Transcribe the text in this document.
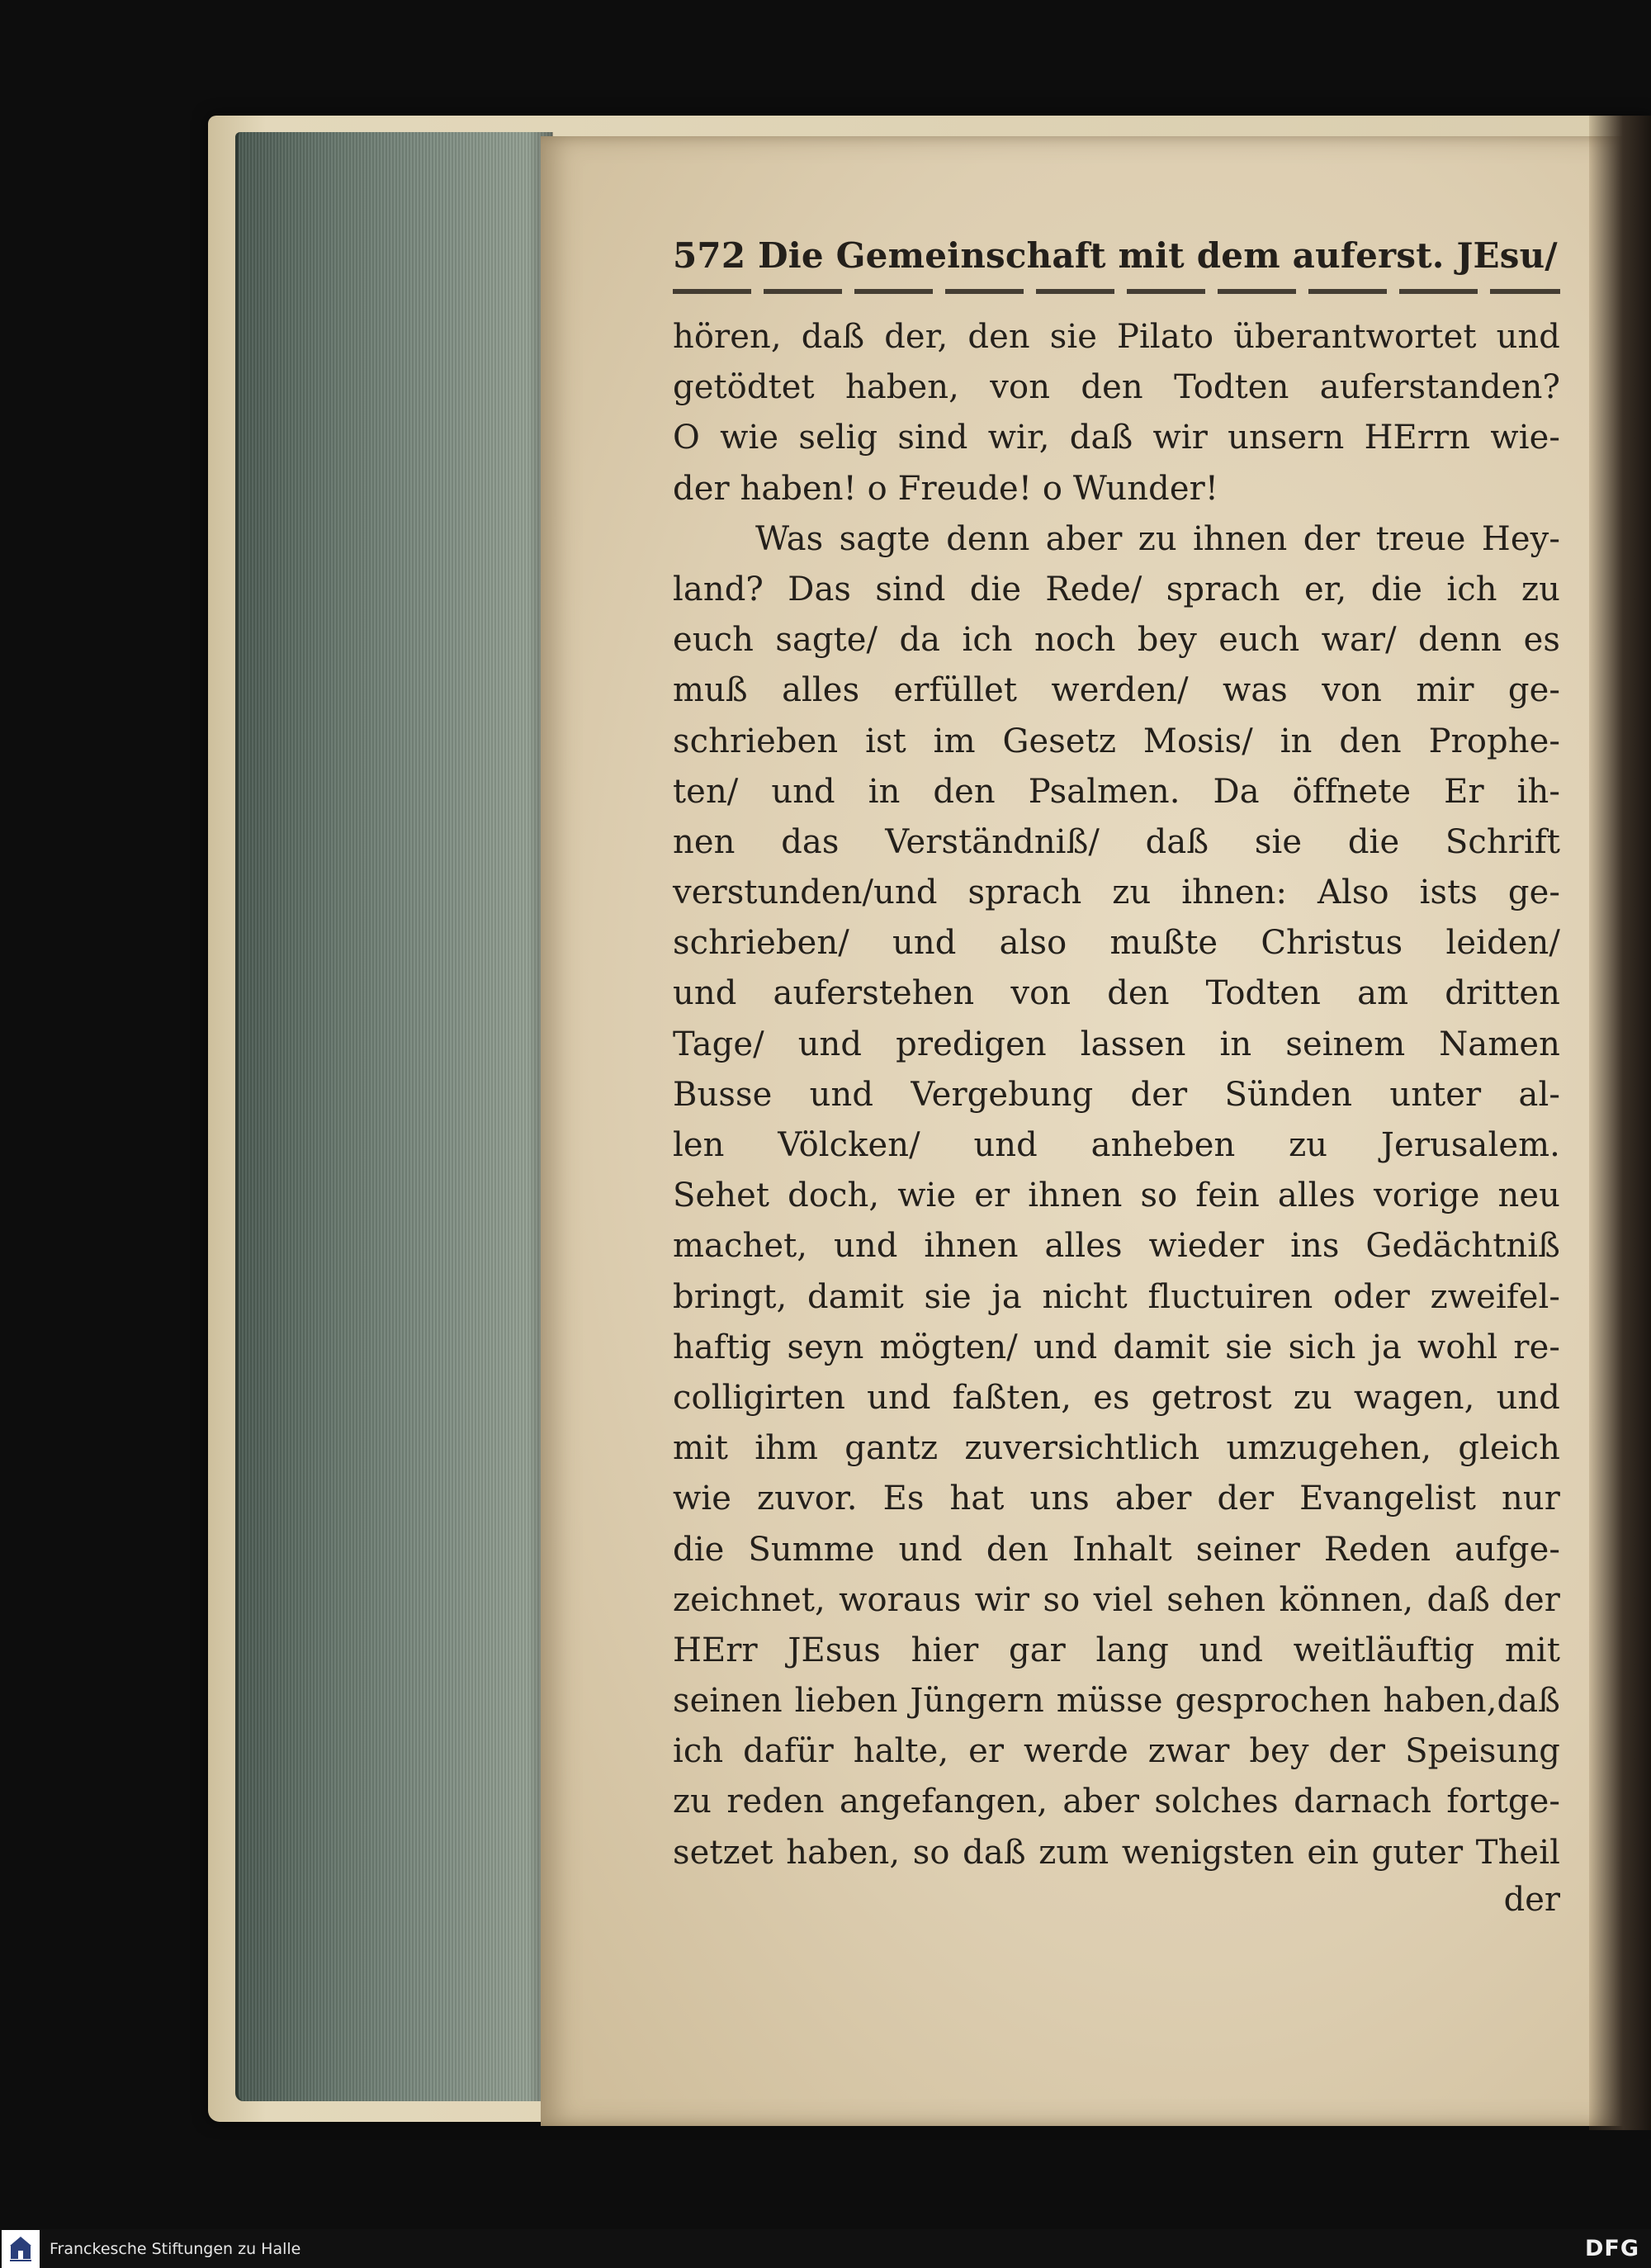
572 Die Gemeinschaft mit dem auferst. JEsu/
hören, daß der, den sie Pilato überantwortet und
getödtet haben, von den Todten auferstanden?
O wie selig sind wir, daß wir unsern HErrn wie-
der haben! o Freude! o Wunder!
Was sagte denn aber zu ihnen der treue Hey-
land? Das sind die Rede/ sprach er, die ich zu
euch sagte/ da ich noch bey euch war/ denn es
muß alles erfüllet werden/ was von mir ge-
schrieben ist im Gesetz Mosis/ in den Prophe-
ten/ und in den Psalmen. Da öffnete Er ih-
nen das Verständniß/ daß sie die Schrift
verstunden/und sprach zu ihnen: Also ists ge-
schrieben/ und also mußte Christus leiden/
und auferstehen von den Todten am dritten
Tage/ und predigen lassen in seinem Namen
Busse und Vergebung der Sünden unter al-
len Völcken/ und anheben zu Jerusalem.
Sehet doch, wie er ihnen so fein alles vorige neu
machet, und ihnen alles wieder ins Gedächtniß
bringt, damit sie ja nicht fluctuiren oder zweifel-
haftig seyn mögten/ und damit sie sich ja wohl re-
colligirten und faßten, es getrost zu wagen, und
mit ihm gantz zuversichtlich umzugehen, gleich
wie zuvor. Es hat uns aber der Evangelist nur
die Summe und den Inhalt seiner Reden aufge-
zeichnet, woraus wir so viel sehen können, daß der
HErr JEsus hier gar lang und weitläuftig mit
seinen lieben Jüngern müsse gesprochen haben,daß
ich dafür halte, er werde zwar bey der Speisung
zu reden angefangen, aber solches darnach fortge-
setzet haben, so daß zum wenigsten ein guter Theil
der
Franckesche Stiftungen zu Halle	DFG
